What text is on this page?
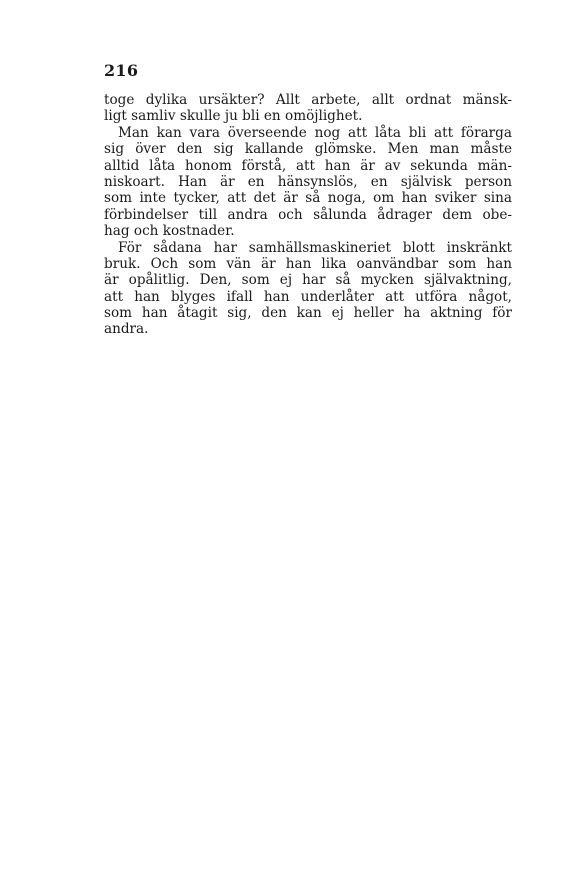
216
toge dylika ursäkter? Allt arbete, allt ordnat mänsk-
ligt samliv skulle ju bli en omöjlighet.
Man kan vara överseende nog att låta bli att förarga
sig över den sig kallande glömske. Men man måste
alltid låta honom förstå, att han är av sekunda män-
niskoart. Han är en hänsynslös, en självisk person
som inte tycker, att det är så noga, om han sviker sina
förbindelser till andra och sålunda ådrager dem obe-
hag och kostnader.
För sådana har samhällsmaskineriet blott inskränkt
bruk. Och som vän är han lika oanvändbar som han
är opålitlig. Den, som ej har så mycken självaktning,
att han blyges ifall han underlåter att utföra något,
som han åtagit sig, den kan ej heller ha aktning för
andra.
